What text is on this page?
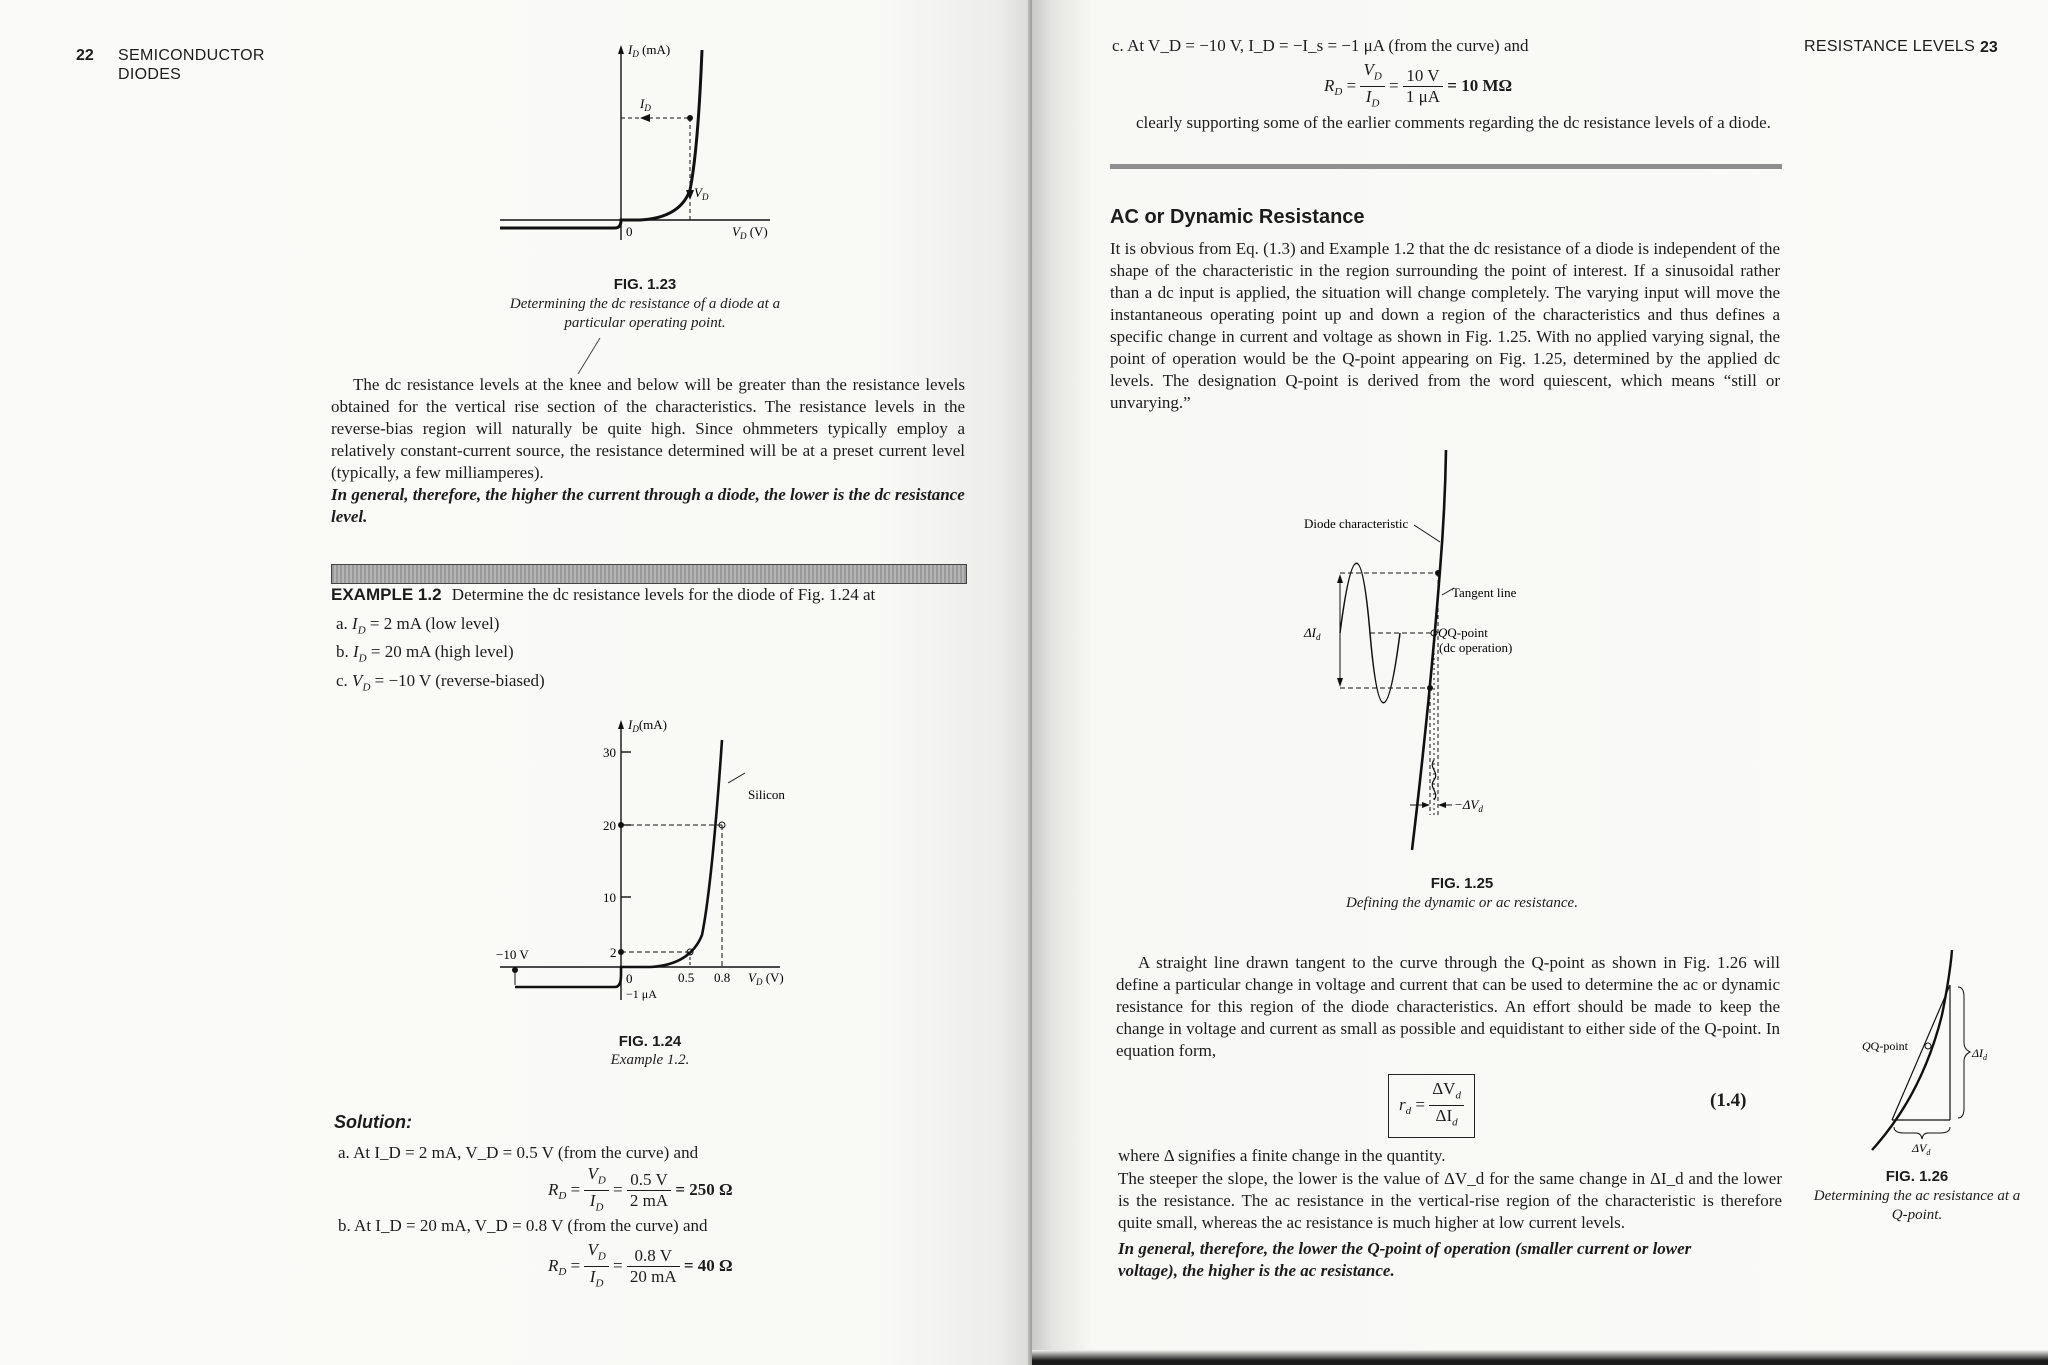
22 SEMICONDUCTOR
DIODES
$I_D$ (mA)
$I_D$
$V_D$
0	$V_D$ (V)
FIG. 1.23
Determining the dc resistance of a diode at a
particular operating point.
The dc resistance levels at the knee and below will be greater than the resistance levels obtained for the vertical rise section of the characteristics. The resistance levels in the reverse-bias region will naturally be quite high. Since ohmmeters typically employ a relatively constant-current source, the resistance determined will be at a preset current level (typically, a few milliamperes).
In general, therefore, the higher the current through a diode, the lower is the dc resistance level.
EXAMPLE 1.2 Determine the dc resistance levels for the diode of Fig. 1.24 at
a. $I_D = 2$ mA (low level)
b. $I_D = 20$ mA (high level)
c. $V_D = -10$ V (reverse-biased)
$I_D(mA)$
30
20
10
2
Silicon
−10 V
0
−1 μA
0.5 0.8 $V_D$ (V)
FIG. 1.24
Example 1.2.
Solution:
a. At I_D = 2 mA, V_D = 0.5 V (from the curve) and
$R_D = \frac{V_D}{I_D} = \frac{0.5 V}{2 mA} = 250$ Ω
b. At I_D = 20 mA, V_D = 0.8 V (from the curve) and
$R_D = \frac{V_D}{I_D} = \frac{0.8 V}{20 mA} = 40$ Ω
RESISTANCE LEVELS 23
c. At V_D = −10 V, I_D = −I_s = −1 μA (from the curve) and
$R_D = \frac{V_D}{I_D} = \frac{10 V}{1 \mu A} = 10$ MΩ
clearly supporting some of the earlier comments regarding the dc resistance levels of a diode.
AC or Dynamic Resistance
It is obvious from Eq. (1.3) and Example 1.2 that the dc resistance of a diode is independent of the shape of the characteristic in the region surrounding the point of interest. If a sinusoidal rather than a dc input is applied, the situation will change completely. The varying input will move the instantaneous operating point up and down a region of the characteristics and thus defines a specific change in current and voltage as shown in Fig. 1.25. With no applied varying signal, the point of operation would be the Q-point appearing on Fig. 1.25, determined by the applied dc levels. The designation Q-point is derived from the word quiescent, which means “still or unvarying.”
Diode characteristic
Tangent line
QQ-point
(dc operation)
$\Delta I_d$
$-\Delta V_d$
FIG. 1.25
Defining the dynamic or ac resistance.
A straight line drawn tangent to the curve through the Q-point as shown in Fig. 1.26 will define a particular change in voltage and current that can be used to determine the ac or dynamic resistance for this region of the diode characteristics. An effort should be made to keep the change in voltage and current as small as possible and equidistant to either side of the Q-point. In equation form,
$r_d = \frac{\Delta V_d}{\Delta I_d}$	(1.4)
where Δ signifies a finite change in the quantity.
The steeper the slope, the lower is the value of ΔV_d for the same change in ΔI_d and the lower is the resistance. The ac resistance in the vertical-rise region of the characteristic is therefore quite small, whereas the ac resistance is much higher at low current levels.
In general, therefore, the lower the Q-point of operation (smaller current or lower voltage), the higher is the ac resistance.
QQ-point	$\Delta I_d$
$\Delta V_d$
FIG. 1.26
Determining the ac resistance at a
Q-point.
